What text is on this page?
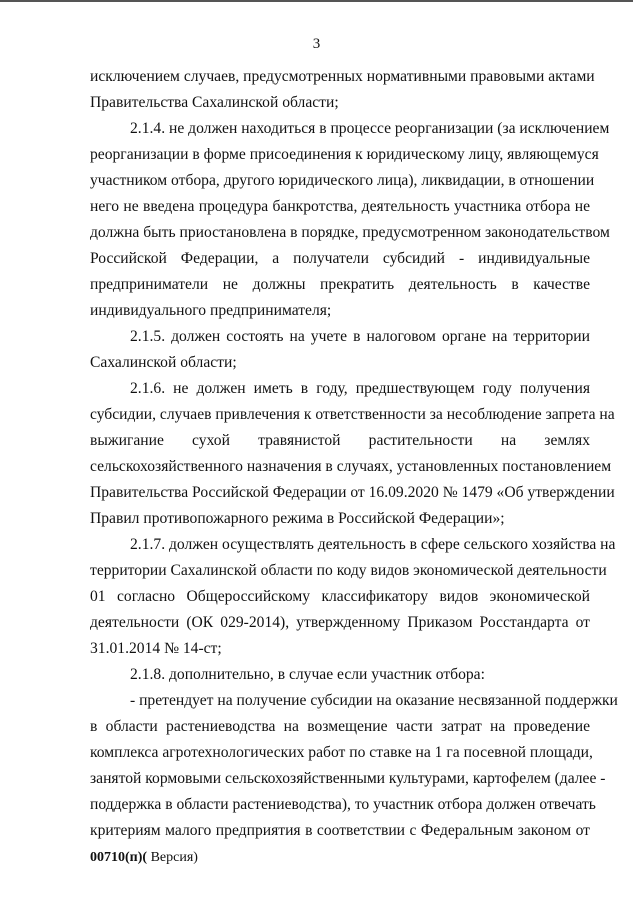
3
исключением случаев, предусмотренных нормативными правовыми актами
Правительства Сахалинской области;
2.1.4. не должен находиться в процессе реорганизации (за исключением
реорганизации в форме присоединения к юридическому лицу, являющемуся
участником отбора, другого юридического лица), ликвидации, в отношении
него не введена процедура банкротства, деятельность участника отбора не
должна быть приостановлена в порядке, предусмотренном законодательством
Российской Федерации, а получатели субсидий - индивидуальные
предприниматели не должны прекратить деятельность в качестве
индивидуального предпринимателя;
2.1.5. должен состоять на учете в налоговом органе на территории
Сахалинской области;
2.1.6. не должен иметь в году, предшествующем году получения
субсидии, случаев привлечения к ответственности за несоблюдение запрета на
выжигание сухой травянистой растительности на землях
сельскохозяйственного назначения в случаях, установленных постановлением
Правительства Российской Федерации от 16.09.2020 № 1479 «Об утверждении
Правил противопожарного режима в Российской Федерации»;
2.1.7. должен осуществлять деятельность в сфере сельского хозяйства на
территории Сахалинской области по коду видов экономической деятельности
01 согласно Общероссийскому классификатору видов экономической
деятельности (ОК 029-2014), утвержденному Приказом Росстандарта от
31.01.2014 № 14-ст;
2.1.8. дополнительно, в случае если участник отбора:
- претендует на получение субсидии на оказание несвязанной поддержки
в области растениеводства на возмещение части затрат на проведение
комплекса агротехнологических работ по ставке на 1 га посевной площади,
занятой кормовыми сельскохозяйственными культурами, картофелем (далее -
поддержка в области растениеводства), то участник отбора должен отвечать
критериям малого предприятия в соответствии с Федеральным законом от
00710(п)( Версия)
